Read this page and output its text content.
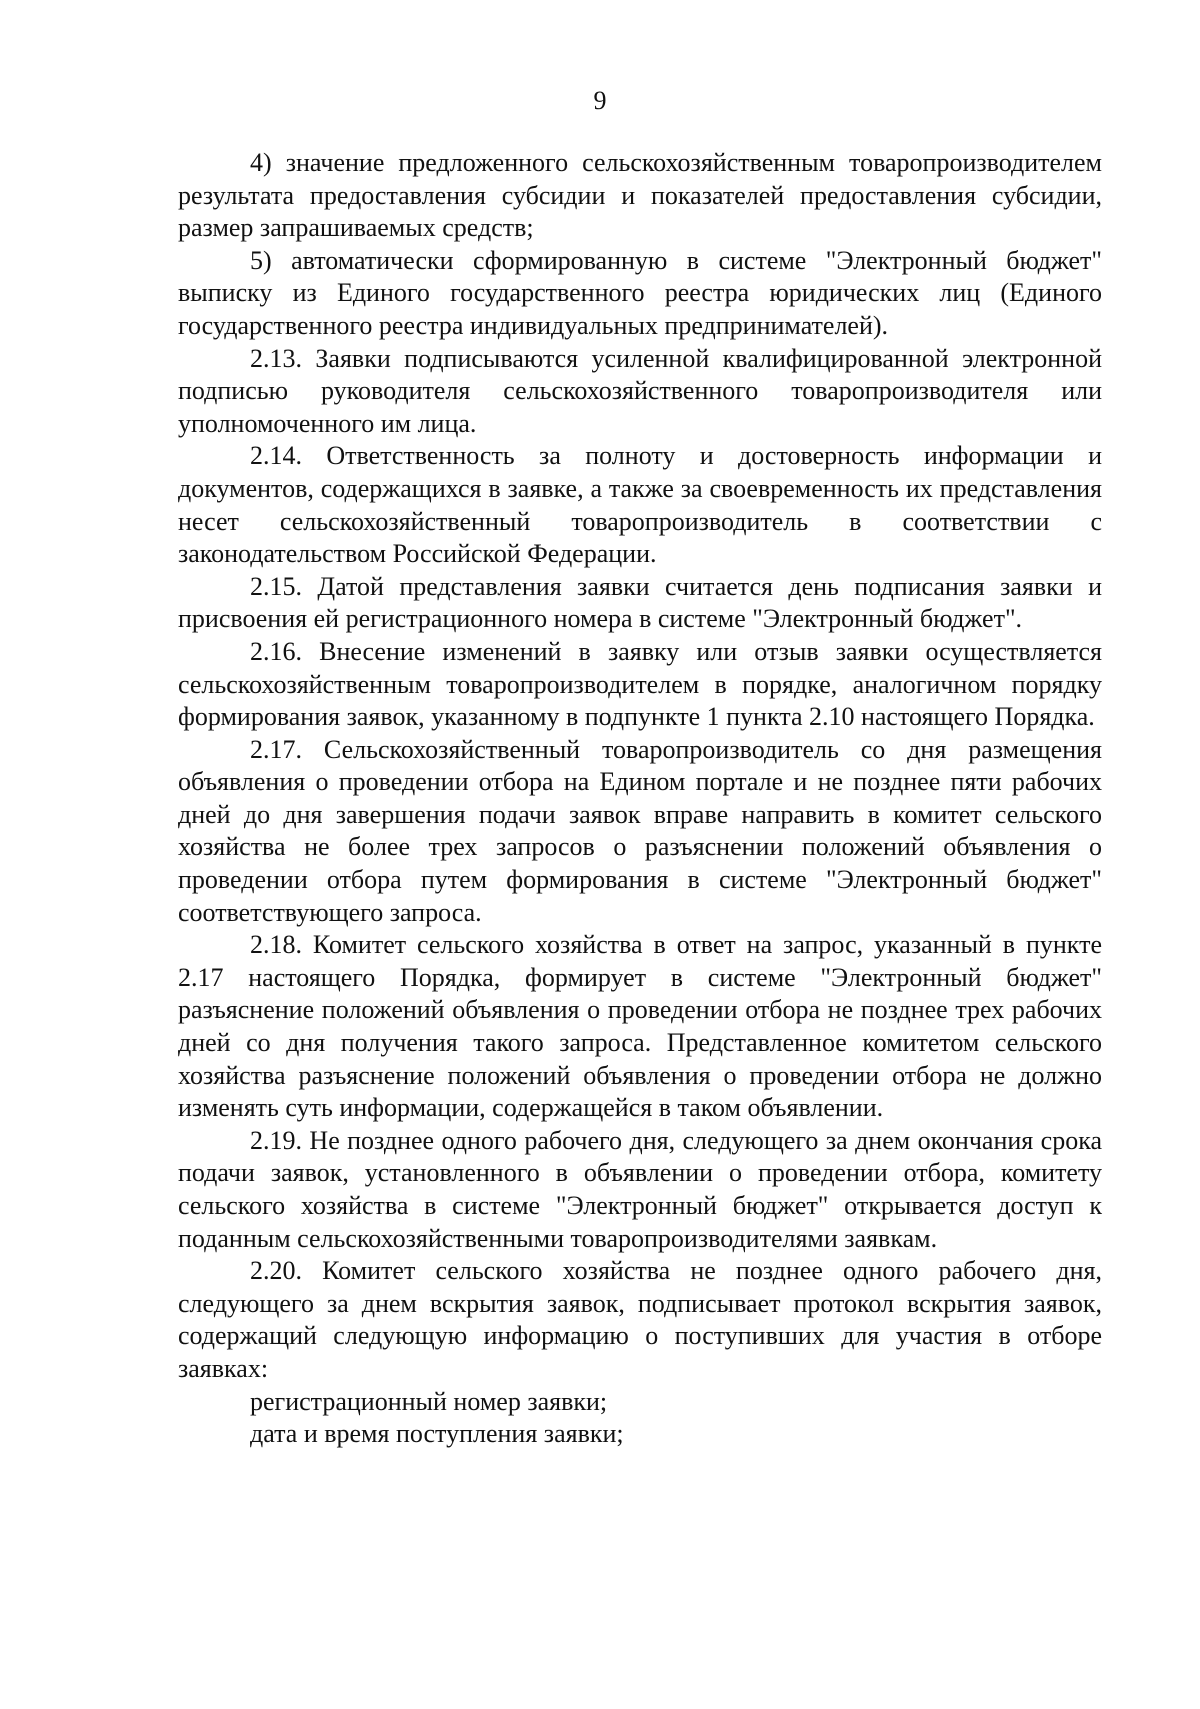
9

4) значение предложенного сельскохозяйственным товаропроизводителем результата предоставления субсидии и показателей предоставления субсидии, размер запрашиваемых средств;

5) автоматически сформированную в системе "Электронный бюджет" выписку из Единого государственного реестра юридических лиц (Единого государственного реестра индивидуальных предпринимателей).

2.13. Заявки подписываются усиленной квалифицированной электронной подписью руководителя сельскохозяйственного товаропроизводителя или уполномоченного им лица.

2.14. Ответственность за полноту и достоверность информации и документов, содержащихся в заявке, а также за своевременность их представления несет сельскохозяйственный товаропроизводитель в соответствии с законодательством Российской Федерации.

2.15. Датой представления заявки считается день подписания заявки и присвоения ей регистрационного номера в системе "Электронный бюджет".

2.16. Внесение изменений в заявку или отзыв заявки осуществляется сельскохозяйственным товаропроизводителем в порядке, аналогичном порядку формирования заявок, указанному в подпункте 1 пункта 2.10 настоящего Порядка.

2.17. Сельскохозяйственный товаропроизводитель со дня размещения объявления о проведении отбора на Едином портале и не позднее пяти рабочих дней до дня завершения подачи заявок вправе направить в комитет сельского хозяйства не более трех запросов о разъяснении положений объявления о проведении отбора путем формирования в системе "Электронный бюджет" соответствующего запроса.

2.18. Комитет сельского хозяйства в ответ на запрос, указанный в пункте 2.17 настоящего Порядка, формирует в системе "Электронный бюджет" разъяснение положений объявления о проведении отбора не позднее трех рабочих дней со дня получения такого запроса. Представленное комитетом сельского хозяйства разъяснение положений объявления о проведении отбора не должно изменять суть информации, содержащейся в таком объявлении.

2.19. Не позднее одного рабочего дня, следующего за днем окончания срока подачи заявок, установленного в объявлении о проведении отбора, комитету сельского хозяйства в системе "Электронный бюджет" открывается доступ к поданным сельскохозяйственными товаропроизводителями заявкам.

2.20. Комитет сельского хозяйства не позднее одного рабочего дня, следующего за днем вскрытия заявок, подписывает протокол вскрытия заявок, содержащий следующую информацию о поступивших для участия в отборе заявках:

регистрационный номер заявки;

дата и время поступления заявки;
